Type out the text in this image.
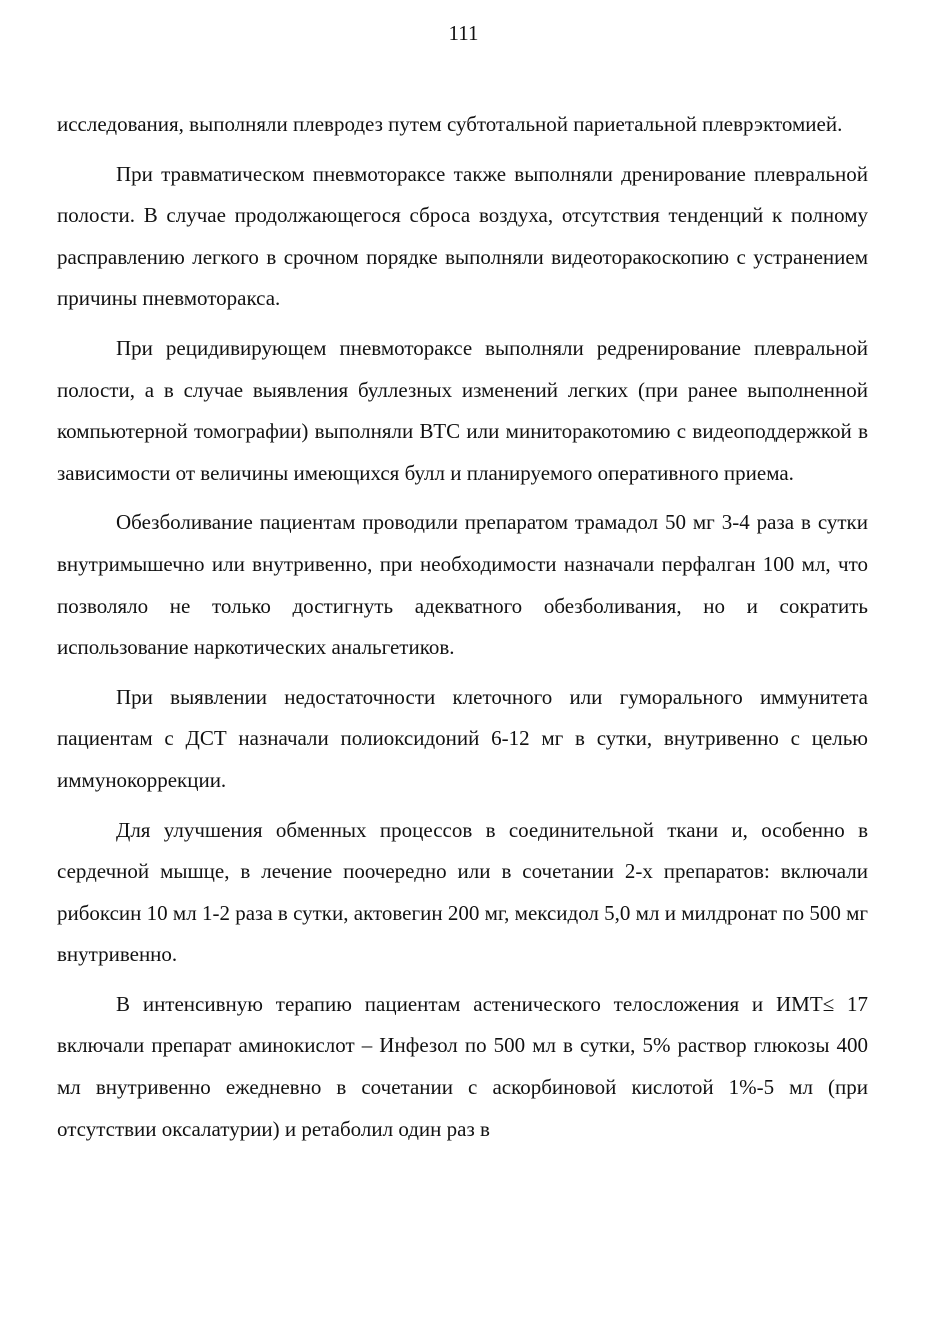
111

исследования, выполняли плевродез путем субтотальной париетальной плеврэктомией.

При травматическом пневмотораксе также выполняли дренирование плевральной полости. В случае продолжающегося сброса воздуха, отсутствия тенденций к полному расправлению легкого в срочном порядке выполняли видеоторакоскопию с устранением причины пневмоторакса.

При рецидивирующем пневмотораксе выполняли редренирование плевральной полости, а в случае выявления буллезных изменений легких (при ранее выполненной компьютерной томографии) выполняли ВТС или миниторакотомию с видеоподдержкой в зависимости от величины имеющихся булл и планируемого оперативного приема.

Обезболивание пациентам проводили препаратом трамадол 50 мг 3-4 раза в сутки внутримышечно или внутривенно, при необходимости назначали перфалган 100 мл, что позволяло не только достигнуть адекватного обезболивания, но и сократить использование наркотических анальгетиков.

При выявлении недостаточности клеточного или гуморального иммунитета пациентам с ДСТ назначали полиоксидоний 6-12 мг в сутки, внутривенно с целью иммунокоррекции.

Для улучшения обменных процессов в соединительной ткани и, особенно в сердечной мышце, в лечение поочередно или в сочетании 2-х препаратов: включали рибоксин 10 мл 1-2 раза в сутки, актовегин 200 мг, мексидол 5,0 мл и милдронат по 500 мг внутривенно.

В интенсивную терапию пациентам астенического телосложения и ИМТ≤ 17 включали препарат аминокислот – Инфезол по 500 мл в сутки, 5% раствор глюкозы 400 мл внутривенно ежедневно в сочетании с аскорбиновой кислотой 1%-5 мл (при отсутствии оксалатурии) и ретаболил один раз в
